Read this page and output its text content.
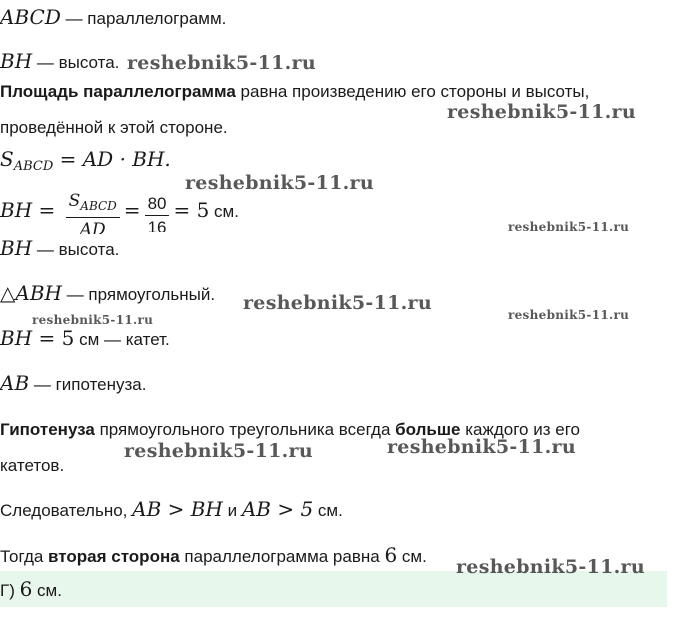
ABCD — параллелограмм.
BH — высота.
Площадь параллелограмма равна произведению его стороны и высоты,
проведённой к этой стороне.
$S_{ABCD}$ = AD · BH.
BH = $\frac{S_{ABCD}}{AD} = \frac{80}{16} = 5$ см.
BH — высота.
△ABH — прямоугольный.
BH = 5 см — катет.
AB — гипотенуза.
Гипотенуза прямоугольного треугольника всегда больше каждого из его
катетов.
Следовательно, AB > BH и AB > 5 см.
Тогда вторая сторона параллелограмма равна 6 см.
Г) 6 см.
reshebnik5-11.ru
reshebnik5-11.ru
reshebnik5-11.ru
reshebnik5-11.ru
reshebnik5-11.ru
reshebnik5-11.ru	reshebnik5-11.ru
reshebnik5-11.ru	reshebnik5-11.ru
reshebnik5-11.ru
